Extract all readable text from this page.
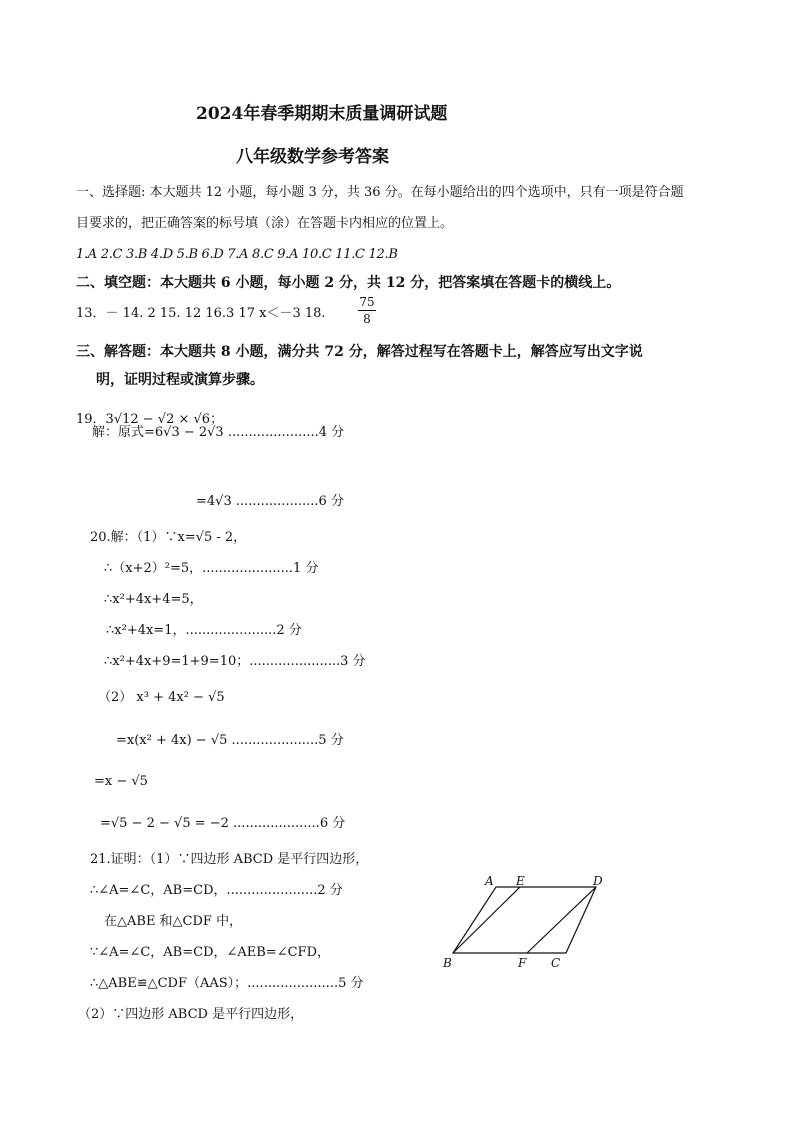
2024年春季期期末质量调研试题
八年级数学参考答案
一、选择题: 本大题共 12 小题，每小题 3 分，共 36 分。在每小题给出的四个选项中，只有一项是符合题
目要求的，把正确答案的标号填（涂）在答题卡内相应的位置上。
1.A 2.C 3.B 4.D 5.B 6.D 7.A 8.C 9.A 10.C 11.C 12.B
二、填空题：本大题共 6 小题，每小题 2 分，共 12 分，把答案填在答题卡的横线上。
13．－ 14. 2 15. 12 16.3 17 x＜－3 18.
75
8
三、解答题：本大题共 8 小题，满分共 72 分，解答过程写在答题卡上，解答应写出文字说
明，证明过程或演算步骤。
19．3√12 − √2 × √6；
解：原式=6√3 − 2√3 ......................4 分
=4√3 ....................6 分
20.解：（1）∵x=√5 - 2，
∴（x+2）²=5，......................1 分
∴x²+4x+4=5，
∴x²+4x=1，......................2 分
∴x²+4x+9=1+9=10；......................3 分
（2） x³ + 4x² − √5
=x(x² + 4x) − √5 .....................5 分
=x − √5
=√5 − 2 − √5 = −2 .....................6 分
21.证明：（1）∵四边形 ABCD 是平行四边形，
∴∠A=∠C，AB=CD，......................2 分
在△ABE 和△CDF 中，
∵∠A=∠C，AB=CD，∠AEB=∠CFD，
∴△ABE≌△CDF（AAS）；......................5 分
（2）∵四边形 ABCD 是平行四边形，
A E	D
B	F C
